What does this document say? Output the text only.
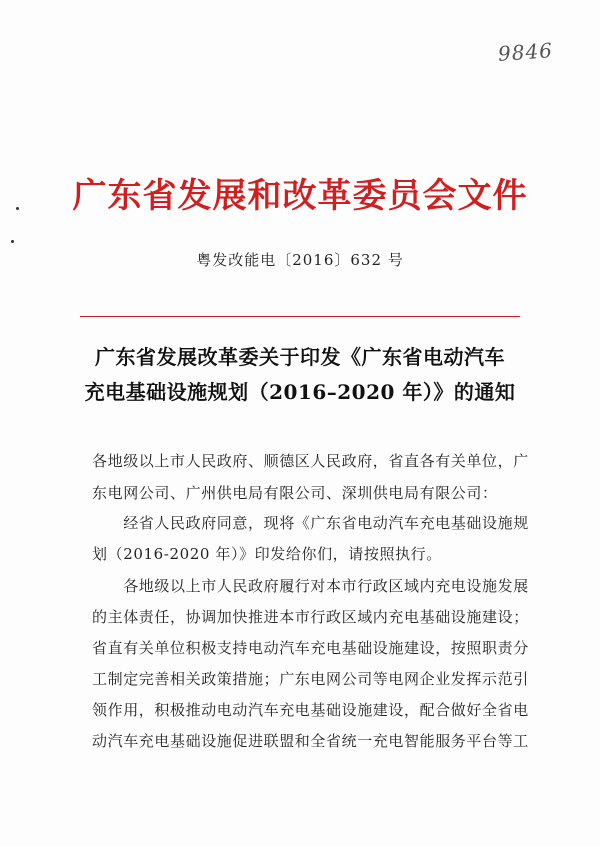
9846
广东省发展和改革委员会文件
粤发改能电〔2016〕632 号
广东省发展改革委关于印发《广东省电动汽车
充电基础设施规划（2016–2020 年）》的通知
各地级以上市人民政府、顺德区人民政府，省直各有关单位，广
东电网公司、广州供电局有限公司、深圳供电局有限公司：
　　经省人民政府同意，现将《广东省电动汽车充电基础设施规
划（2016-2020 年）》印发给你们，请按照执行。
　　各地级以上市人民政府履行对本市行政区域内充电设施发展
的主体责任，协调加快推进本市行政区域内充电基础设施建设；
省直有关单位积极支持电动汽车充电基础设施建设，按照职责分
工制定完善相关政策措施；广东电网公司等电网企业发挥示范引
领作用，积极推动电动汽车充电基础设施建设，配合做好全省电
动汽车充电基础设施促进联盟和全省统一充电智能服务平台等工
